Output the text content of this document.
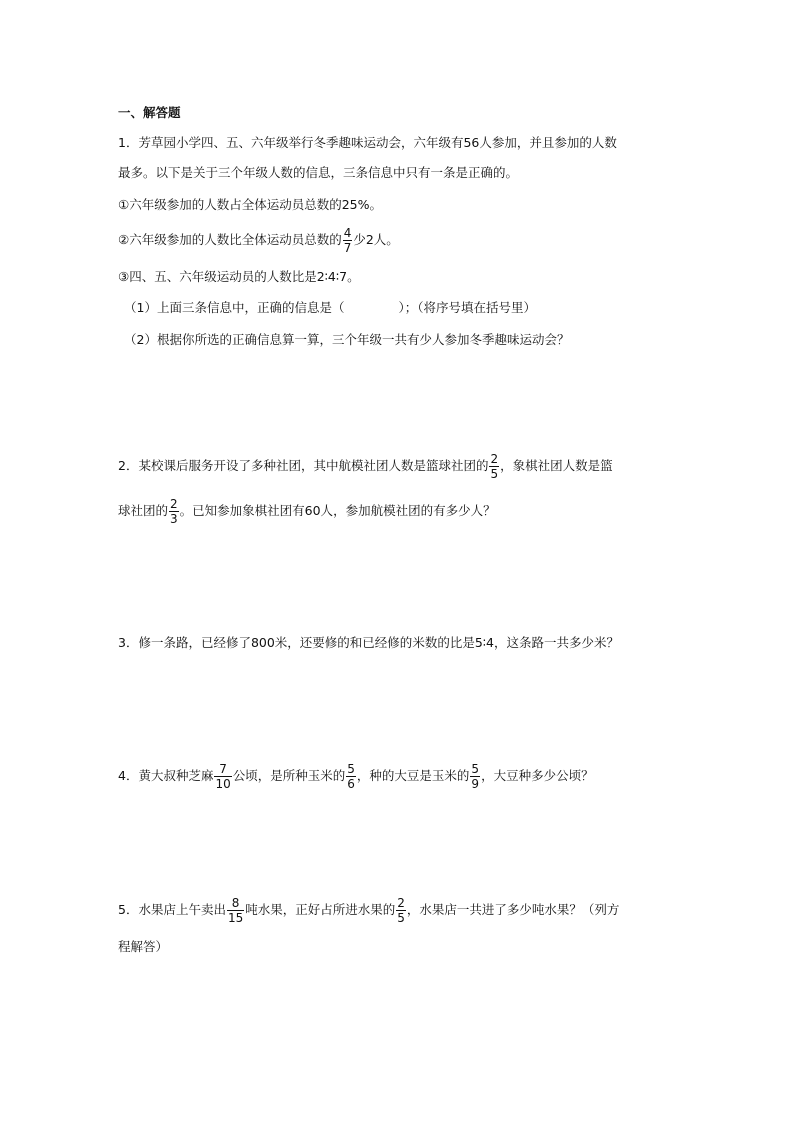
一、解答题
1．芳草园小学四、五、六年级举行冬季趣味运动会，六年级有56人参加，并且参加的人数
最多。以下是关于三个年级人数的信息，三条信息中只有一条是正确的。
①六年级参加的人数占全体运动员总数的25%。
②六年级参加的人数比全体运动员总数的 $\frac{4}{7}$ 少2人。
③四、五、六年级运动员的人数比是2∶4∶7。
（1）上面三条信息中，正确的信息是（	）；（将序号填在括号里）
（2）根据你所选的正确信息算一算，三个年级一共有少人参加冬季趣味运动会？
2．某校课后服务开设了多种社团，其中航模社团人数是篮球社团的 $\frac{2}{5}$ ，象棋社团人数是篮
球社团的 $\frac{2}{3}$ 。已知参加象棋社团有60人，参加航模社团的有多少人？
3．修一条路，已经修了800米，还要修的和已经修的米数的比是5∶4，这条路一共多少米？
4．黄大叔种芝麻 $\frac{7}{10}$ 公顷，是所种玉米的 $\frac{5}{6}$ ，种的大豆是玉米的 $\frac{5}{9}$ ，大豆种多少公顷？
5．水果店上午卖出 $\frac{8}{15}$ 吨水果，正好占所进水果的 $\frac{2}{5}$ ，水果店一共进了多少吨水果？（列方
程解答）
